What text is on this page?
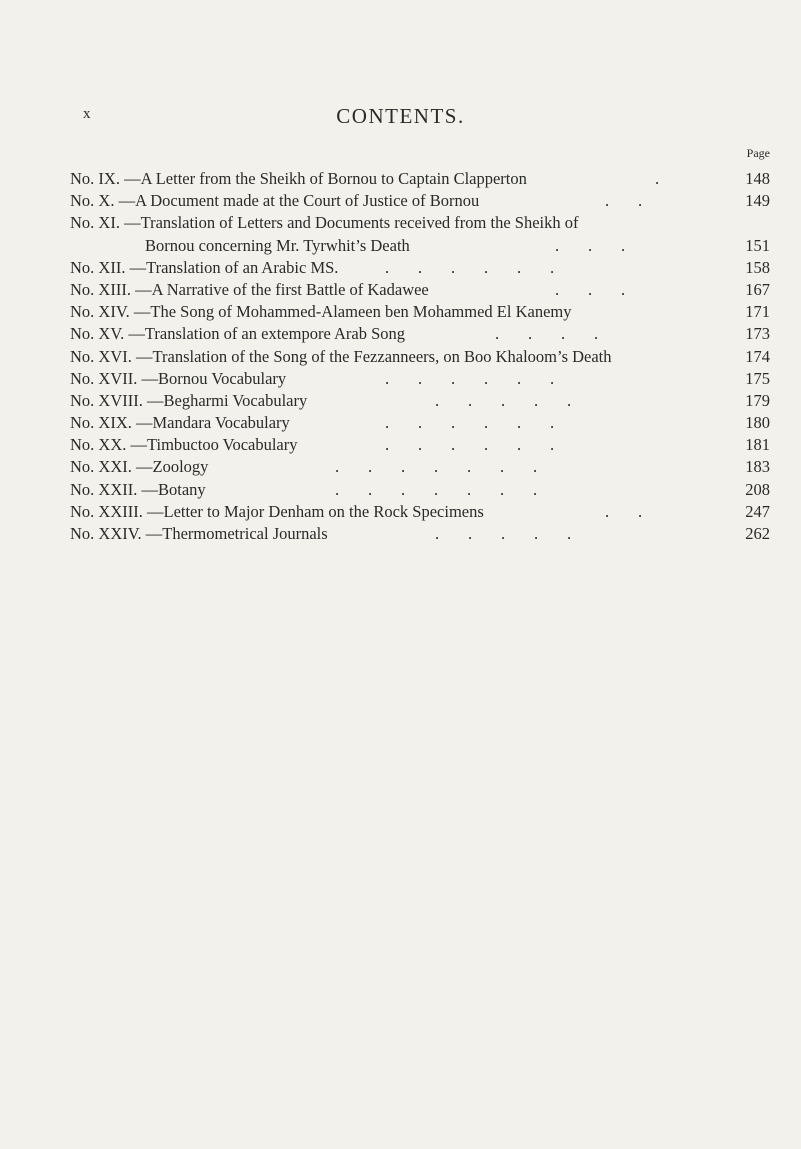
x	CONTENTS.
Page
No. IX. —A Letter from the Sheikh of Bornou to Captain Clapperton	.	148
No. X. —A Document made at the Court of Justice of Bornou	.       .	149
No. XI. —Translation of Letters and Documents received from the Sheikh of
Bornou concerning Mr. Tyrwhit’s Death	.       .       .	151
No. XII. —Translation of an Arabic MS.	.       .       .       .       .       .	158
No. XIII. —A Narrative of the first Battle of Kadawee	.       .       .	167
No. XIV. —The Song of Mohammed-Alameen ben Mohammed El Kanemy	171
No. XV. —Translation of an extempore Arab Song	.       .       .       .	173
No. XVI. —Translation of the Song of the Fezzanneers, on Boo Khaloom’s Death	174
No. XVII. —Bornou Vocabulary	.       .       .       .       .       .	175
No. XVIII. —Begharmi Vocabulary	.       .       .       .       .	179
No. XIX. —Mandara Vocabulary	.       .       .       .       .       .	180
No. XX. —Timbuctoo Vocabulary	.       .       .       .       .       .	181
No. XXI. —Zoology	.       .       .       .       .       .       .	183
No. XXII. —Botany	.       .       .       .       .       .       .	208
No. XXIII. —Letter to Major Denham on the Rock Specimens	.       .	247
No. XXIV. —Thermometrical Journals	.       .       .       .       .	262
